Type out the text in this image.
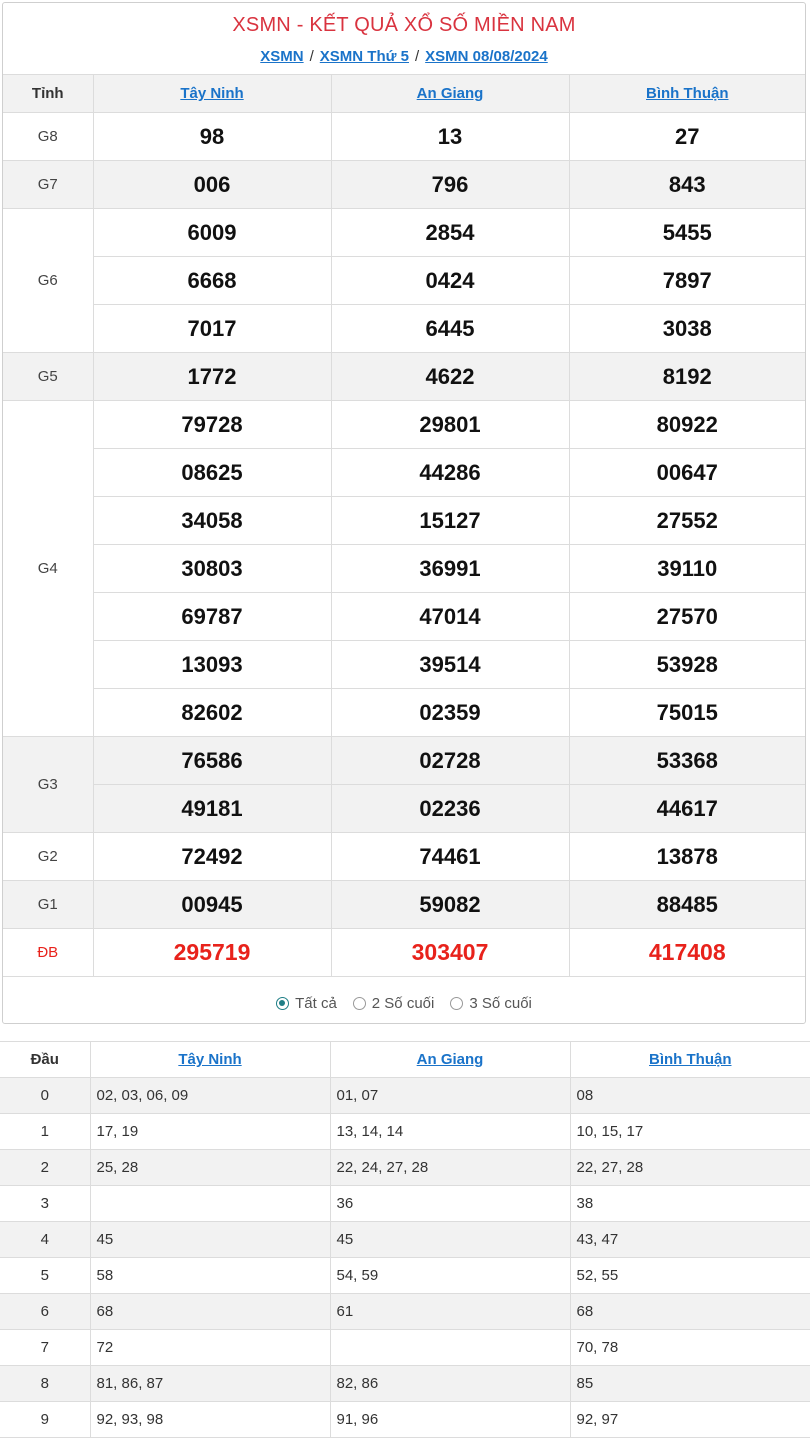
XSMN - KẾT QUẢ XỔ SỐ MIỀN NAM
XSMN / XSMN Thứ 5 / XSMN 08/08/2024
Tỉnh	Tây Ninh	An Giang	Bình Thuận
G8	98	13	27
G7	006	796	843
G6	6009	2854	5455
	6668	0424	7897
	7017	6445	3038
G5	1772	4622	8192
G4	79728	29801	80922
	08625	44286	00647
	34058	15127	27552
	30803	36991	39110
	69787	47014	27570
	13093	39514	53928
	82602	02359	75015
G3	76586	02728	53368
	49181	02236	44617
G2	72492	74461	13878
G1	00945	59082	88485
ĐB	295719	303407	417408
Tất cả 2 Số cuối 3 Số cuối
Đầu	Tây Ninh	An Giang	Bình Thuận
0	02, 03, 06, 09	01, 07	08
1	17, 19	13, 14, 14	10, 15, 17
2	25, 28	22, 24, 27, 28	22, 27, 28
3		36	38
4	45	45	43, 47
5	58	54, 59	52, 55
6	68	61	68
7	72		70, 78
8	81, 86, 87	82, 86	85
9	92, 93, 98	91, 96	92, 97
